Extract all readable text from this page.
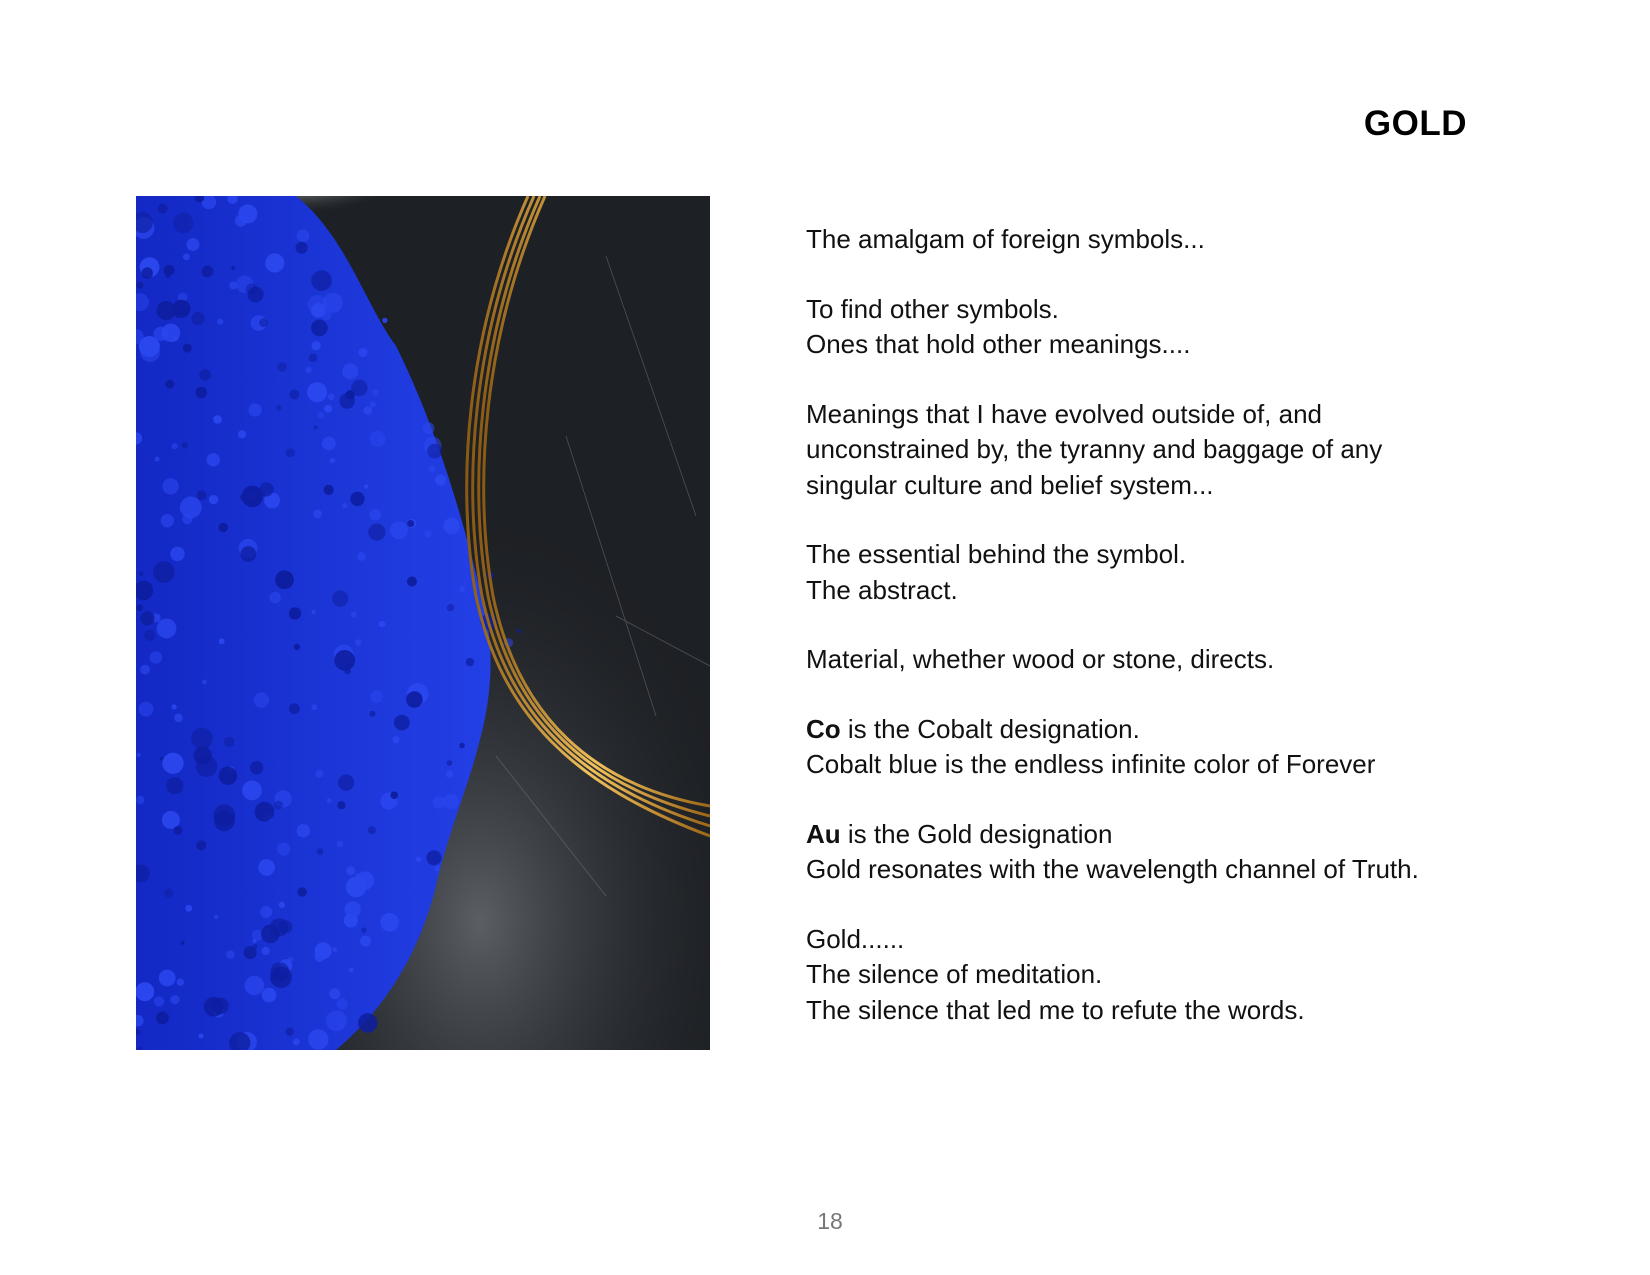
GOLD
The amalgam of foreign symbols...
To find other symbols.
Ones that hold other meanings....
Meanings that I have evolved outside of, and
unconstrained by, the tyranny and baggage of any
singular culture and belief system...
The essential behind the symbol.
The abstract.
Material, whether wood or stone, directs.
Co is the Cobalt designation.
Cobalt blue is the endless infinite color of Forever
Au is the Gold designation
Gold resonates with the wavelength channel of Truth.
Gold......
The silence of meditation.
The silence that led me to refute the words.
18
